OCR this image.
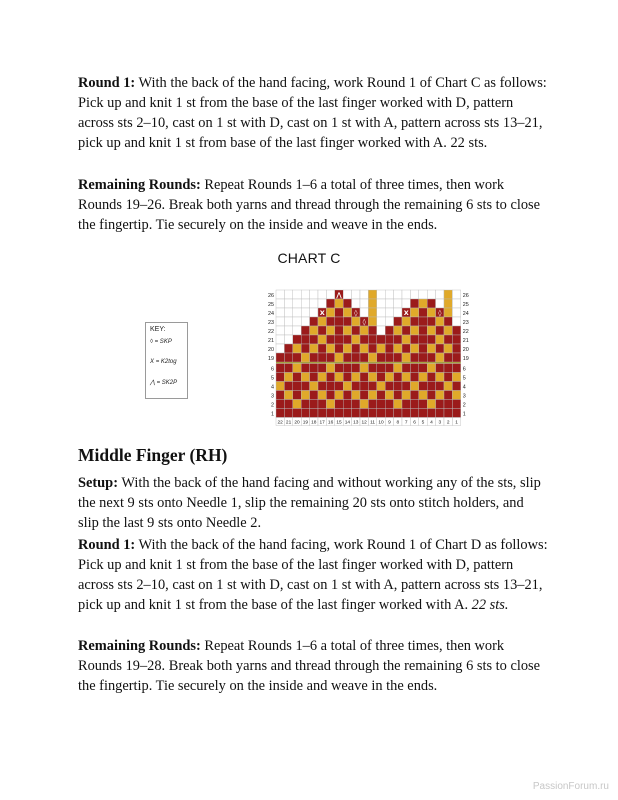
Round 1: With the back of the hand facing, work Round 1 of Chart C as follows: Pick up and knit 1 st from the base of the last finger worked with D, pattern across sts 2–10, cast on 1 st with D, cast on 1 st with A, pattern across sts 13–21, pick up and knit 1 st from base of the last finger worked with A. 22 sts.

Remaining Rounds: Repeat Rounds 1–6 a total of three times, then work Rounds 19–26. Break both yarns and thread through the remaining 6 sts to close the fingertip. Tie securely on the inside and weave in the ends.

CHART C
KEY:
◊ = SKP
X = K2tog
⋀ = SK2P
26	26
25	25
24	24
23	23
22	22
21	21
20	20
19	19
6	6
5	5
4	4
3	3
2	2
1	1
22 21 20 19 18 17 16 15 14 13 12 11 10 9 8 7 6 5 4 3 2 1
⋀	⋀
X	◊	X	◊
X	◊
Middle Finger (RH)

Setup: With the back of the hand facing and without working any of the sts, slip the next 9 sts onto Needle 1, slip the remaining 20 sts onto stitch holders, and slip the last 9 sts onto Needle 2.

Round 1: With the back of the hand facing, work Round 1 of Chart D as follows: Pick up and knit 1 st from the base of the last finger worked with D, pattern across sts 2–10, cast on 1 st with D, cast on 1 st with A, pattern across sts 13–21, pick up and knit 1 st from the base of the last finger worked with A. 22 sts.

Remaining Rounds: Repeat Rounds 1–6 a total of three times, then work Rounds 19–28. Break both yarns and thread through the remaining 6 sts to close the fingertip. Tie securely on the inside and weave in the ends.

PassionForum.ru
